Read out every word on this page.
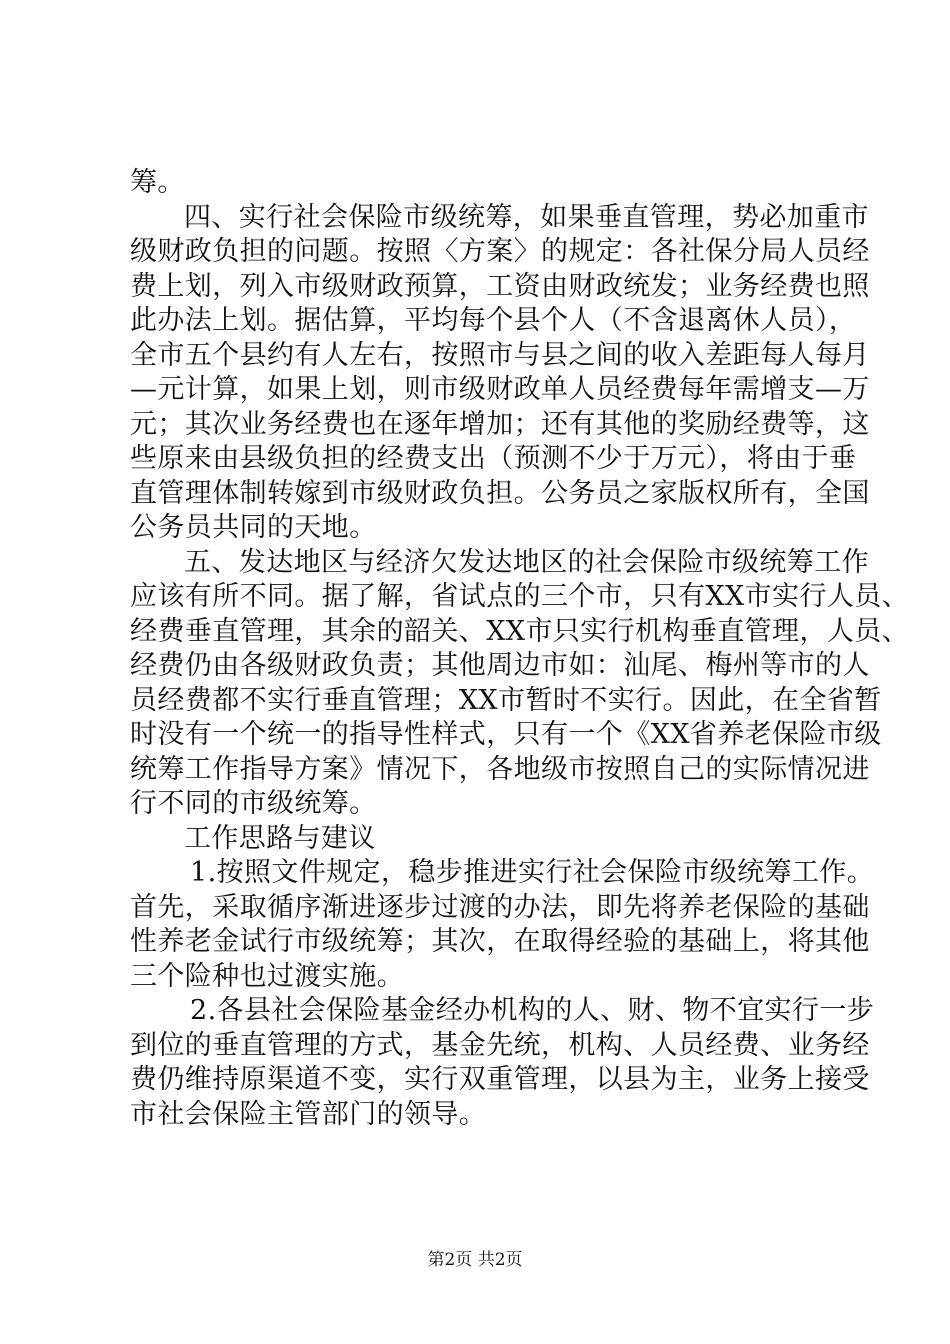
筹。
四、实行社会保险市级统筹，如果垂直管理，势必加重市
级财政负担的问题。按照〈方案〉的规定：各社保分局人员经
费上划，列入市级财政预算，工资由财政统发；业务经费也照
此办法上划。据估算，平均每个县个人（不含退离休人员），
全市五个县约有人左右，按照市与县之间的收入差距每人每月
—元计算，如果上划，则市级财政单人员经费每年需增支—万
元；其次业务经费也在逐年增加；还有其他的奖励经费等，这
些原来由县级负担的经费支出（预测不少于万元），将由于垂
直管理体制转嫁到市级财政负担。公务员之家版权所有，全国
公务员共同的天地。
五、发达地区与经济欠发达地区的社会保险市级统筹工作
应该有所不同。据了解，省试点的三个市，只有XX市实行人员、
经费垂直管理，其余的韶关、XX市只实行机构垂直管理，人员、
经费仍由各级财政负责；其他周边市如：汕尾、梅州等市的人
员经费都不实行垂直管理；XX市暂时不实行。因此，在全省暂
时没有一个统一的指导性样式，只有一个《XX省养老保险市级
统筹工作指导方案》情况下，各地级市按照自己的实际情况进
行不同的市级统筹。
工作思路与建议
1.按照文件规定，稳步推进实行社会保险市级统筹工作。
首先，采取循序渐进逐步过渡的办法，即先将养老保险的基础
性养老金试行市级统筹；其次，在取得经验的基础上，将其他
三个险种也过渡实施。
2.各县社会保险基金经办机构的人、财、物不宜实行一步
到位的垂直管理的方式，基金先统，机构、人员经费、业务经
费仍维持原渠道不变，实行双重管理，以县为主，业务上接受
市社会保险主管部门的领导。
第2页 共2页
